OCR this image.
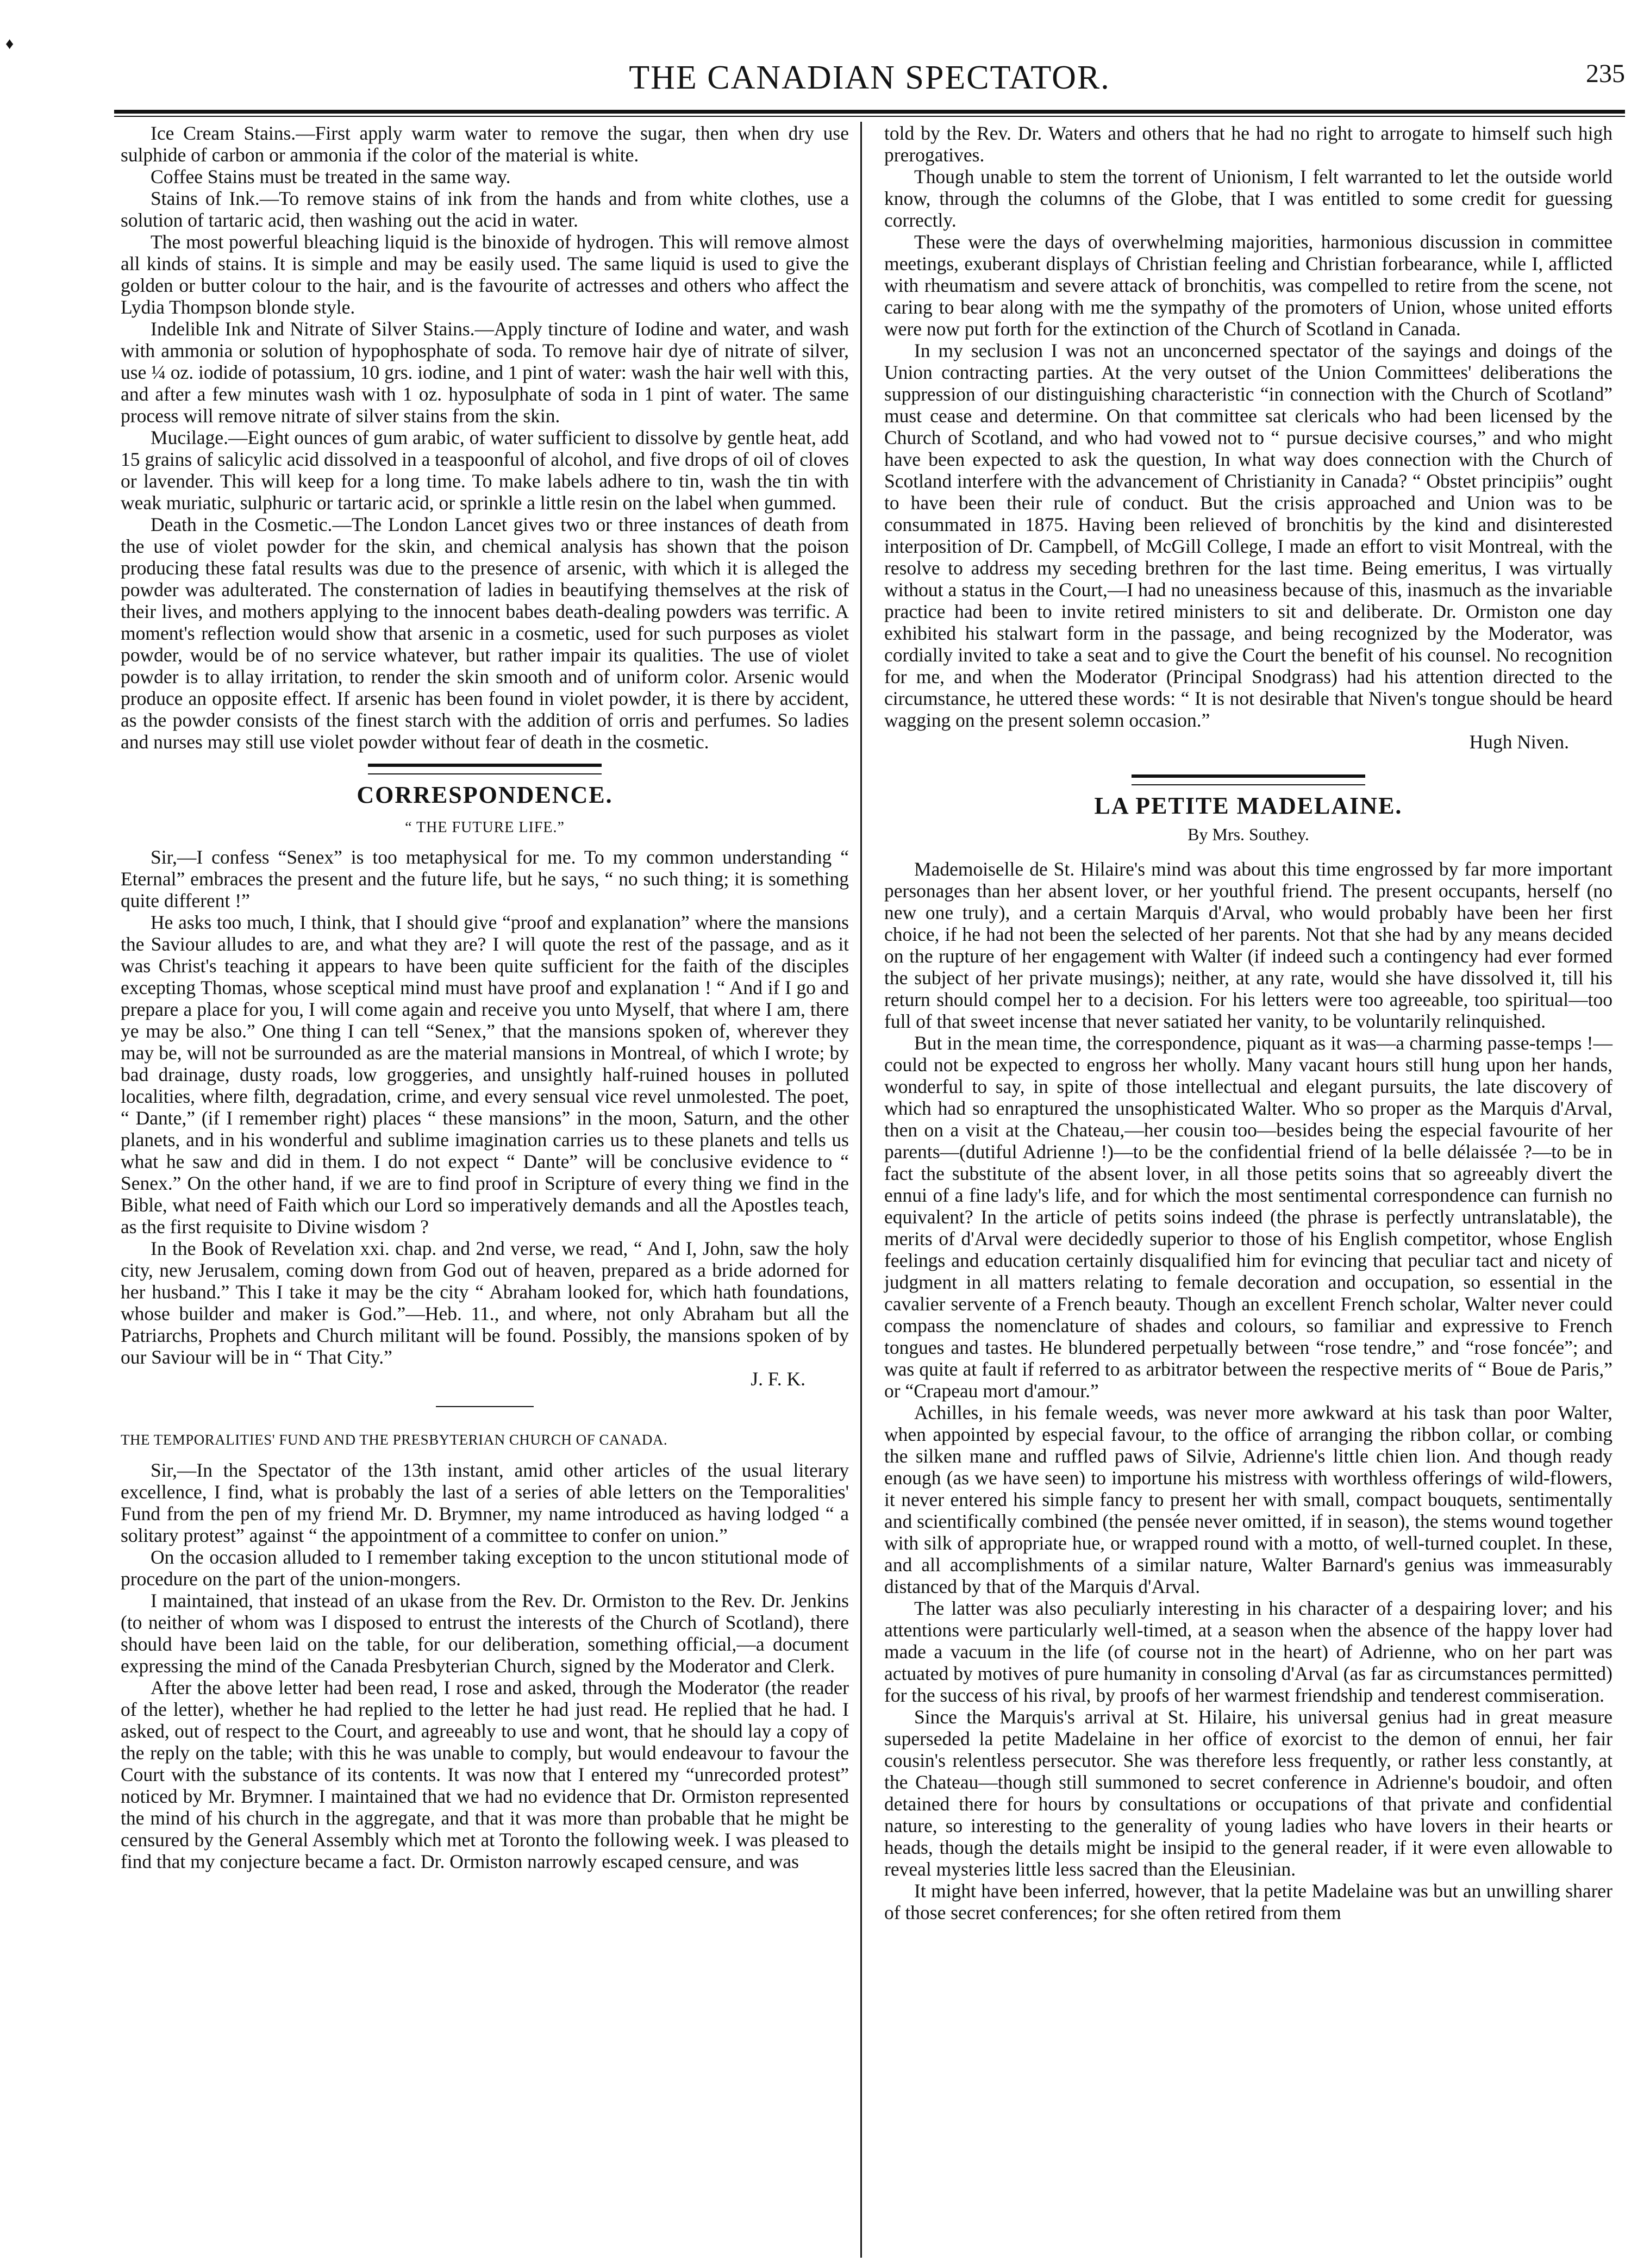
♦
THE CANADIAN SPECTATOR.	235

Ice Cream Stains.—First apply warm water to remove the sugar, then when dry use sulphide of carbon or ammonia if the color of the material is white.

Coffee Stains must be treated in the same way.

Stains of Ink.—To remove stains of ink from the hands and from white clothes, use a solution of tartaric acid, then washing out the acid in water.

The most powerful bleaching liquid is the binoxide of hydrogen. This will remove almost all kinds of stains. It is simple and may be easily used. The same liquid is used to give the golden or butter colour to the hair, and is the favourite of actresses and others who affect the Lydia Thompson blonde style.

Indelible Ink and Nitrate of Silver Stains.—Apply tincture of Iodine and water, and wash with ammonia or solution of hypophosphate of soda. To remove hair dye of nitrate of silver, use ¼ oz. iodide of potassium, 10 grs. iodine, and 1 pint of water: wash the hair well with this, and after a few minutes wash with 1 oz. hyposulphate of soda in 1 pint of water. The same process will remove nitrate of silver stains from the skin.

Mucilage.—Eight ounces of gum arabic, of water sufficient to dissolve by gentle heat, add 15 grains of salicylic acid dissolved in a teaspoonful of alcohol, and five drops of oil of cloves or lavender. This will keep for a long time. To make labels adhere to tin, wash the tin with weak muriatic, sulphuric or tartaric acid, or sprinkle a little resin on the label when gummed.

Death in the Cosmetic.—The London Lancet gives two or three instances of death from the use of violet powder for the skin, and chemical analysis has shown that the poison producing these fatal results was due to the presence of arsenic, with which it is alleged the powder was adulterated. The consternation of ladies in beautifying themselves at the risk of their lives, and mothers applying to the innocent babes death-dealing powders was terrific. A moment's reflection would show that arsenic in a cosmetic, used for such purposes as violet powder, would be of no service whatever, but rather impair its qualities. The use of violet powder is to allay irritation, to render the skin smooth and of uniform color. Arsenic would produce an opposite effect. If arsenic has been found in violet powder, it is there by accident, as the powder consists of the finest starch with the addition of orris and perfumes. So ladies and nurses may still use violet powder without fear of death in the cosmetic.

CORRESPONDENCE.
“ THE FUTURE LIFE.”

Sir,—I confess “Senex” is too metaphysical for me. To my common understanding “ Eternal” embraces the present and the future life, but he says, “ no such thing; it is something quite different !”

He asks too much, I think, that I should give “proof and explanation” where the mansions the Saviour alludes to are, and what they are? I will quote the rest of the passage, and as it was Christ's teaching it appears to have been quite sufficient for the faith of the disciples excepting Thomas, whose sceptical mind must have proof and explanation ! “ And if I go and prepare a place for you, I will come again and receive you unto Myself, that where I am, there ye may be also.” One thing I can tell “Senex,” that the mansions spoken of, wherever they may be, will not be surrounded as are the material mansions in Montreal, of which I wrote; by bad drainage, dusty roads, low groggeries, and unsightly half-ruined houses in polluted localities, where filth, degradation, crime, and every sensual vice revel unmolested. The poet, “ Dante,” (if I remember right) places “ these mansions” in the moon, Saturn, and the other planets, and in his wonderful and sublime imagination carries us to these planets and tells us what he saw and did in them. I do not expect “ Dante” will be conclusive evidence to “ Senex.” On the other hand, if we are to find proof in Scripture of every thing we find in the Bible, what need of Faith which our Lord so imperatively demands and all the Apostles teach, as the first requisite to Divine wisdom ?

In the Book of Revelation xxi. chap. and 2nd verse, we read, “ And I, John, saw the holy city, new Jerusalem, coming down from God out of heaven, prepared as a bride adorned for her husband.” This I take it may be the city “ Abraham looked for, which hath foundations, whose builder and maker is God.”—Heb. 11., and where, not only Abraham but all the Patriarchs, Prophets and Church militant will be found. Possibly, the mansions spoken of by our Saviour will be in “ That City.”

J. F. K.
THE TEMPORALITIES' FUND AND THE PRESBYTERIAN CHURCH OF CANADA.

Sir,—In the Spectator of the 13th instant, amid other articles of the usual literary excellence, I find, what is probably the last of a series of able letters on the Temporalities' Fund from the pen of my friend Mr. D. Brymner, my name introduced as having lodged “ a solitary protest” against “ the appointment of a committee to confer on union.”

On the occasion alluded to I remember taking exception to the uncon stitutional mode of procedure on the part of the union-mongers.

I maintained, that instead of an ukase from the Rev. Dr. Ormiston to the Rev. Dr. Jenkins (to neither of whom was I disposed to entrust the interests of the Church of Scotland), there should have been laid on the table, for our deliberation, something official,—a document expressing the mind of the Canada Presbyterian Church, signed by the Moderator and Clerk.

After the above letter had been read, I rose and asked, through the Moderator (the reader of the letter), whether he had replied to the letter he had just read. He replied that he had. I asked, out of respect to the Court, and agreeably to use and wont, that he should lay a copy of the reply on the table; with this he was unable to comply, but would endeavour to favour the Court with the substance of its contents. It was now that I entered my “unrecorded protest” noticed by Mr. Brymner. I maintained that we had no evidence that Dr. Ormiston represented the mind of his church in the aggregate, and that it was more than probable that he might be censured by the General Assembly which met at Toronto the following week. I was pleased to find that my conjecture became a fact. Dr. Ormiston narrowly escaped censure, and was

told by the Rev. Dr. Waters and others that he had no right to arrogate to himself such high prerogatives.

Though unable to stem the torrent of Unionism, I felt warranted to let the outside world know, through the columns of the Globe, that I was entitled to some credit for guessing correctly.

These were the days of overwhelming majorities, harmonious discussion in committee meetings, exuberant displays of Christian feeling and Christian forbearance, while I, afflicted with rheumatism and severe attack of bronchitis, was compelled to retire from the scene, not caring to bear along with me the sympathy of the promoters of Union, whose united efforts were now put forth for the extinction of the Church of Scotland in Canada.

In my seclusion I was not an unconcerned spectator of the sayings and doings of the Union contracting parties. At the very outset of the Union Committees' deliberations the suppression of our distinguishing characteristic “in connection with the Church of Scotland” must cease and determine. On that committee sat clericals who had been licensed by the Church of Scotland, and who had vowed not to “ pursue decisive courses,” and who might have been expected to ask the question, In what way does connection with the Church of Scotland interfere with the advancement of Christianity in Canada? “ Obstet principiis” ought to have been their rule of conduct. But the crisis approached and Union was to be consummated in 1875. Having been relieved of bronchitis by the kind and disinterested interposition of Dr. Campbell, of McGill College, I made an effort to visit Montreal, with the resolve to address my seceding brethren for the last time. Being emeritus, I was virtually without a status in the Court,—I had no uneasiness because of this, inasmuch as the invariable practice had been to invite retired ministers to sit and deliberate. Dr. Ormiston one day exhibited his stalwart form in the passage, and being recognized by the Moderator, was cordially invited to take a seat and to give the Court the benefit of his counsel. No recognition for me, and when the Moderator (Principal Snodgrass) had his attention directed to the circumstance, he uttered these words: “ It is not desirable that Niven's tongue should be heard wagging on the present solemn occasion.”

Hugh Niven.
LA PETITE MADELAINE.
By Mrs. Southey.

Mademoiselle de St. Hilaire's mind was about this time engrossed by far more important personages than her absent lover, or her youthful friend. The present occupants, herself (no new one truly), and a certain Marquis d'Arval, who would probably have been her first choice, if he had not been the selected of her parents. Not that she had by any means decided on the rupture of her engagement with Walter (if indeed such a contingency had ever formed the subject of her private musings); neither, at any rate, would she have dissolved it, till his return should compel her to a decision. For his letters were too agreeable, too spiritual—too full of that sweet incense that never satiated her vanity, to be voluntarily relinquished.

But in the mean time, the correspondence, piquant as it was—a charming passe-temps !—could not be expected to engross her wholly. Many vacant hours still hung upon her hands, wonderful to say, in spite of those intellectual and elegant pursuits, the late discovery of which had so enraptured the unsophisticated Walter. Who so proper as the Marquis d'Arval, then on a visit at the Chateau,—her cousin too—besides being the especial favourite of her parents—(dutiful Adrienne !)—to be the confidential friend of la belle délaissée ?—to be in fact the substitute of the absent lover, in all those petits soins that so agreeably divert the ennui of a fine lady's life, and for which the most sentimental correspondence can furnish no equivalent? In the article of petits soins indeed (the phrase is perfectly untranslatable), the merits of d'Arval were decidedly superior to those of his English competitor, whose English feelings and education certainly disqualified him for evincing that peculiar tact and nicety of judgment in all matters relating to female decoration and occupation, so essential in the cavalier servente of a French beauty. Though an excellent French scholar, Walter never could compass the nomenclature of shades and colours, so familiar and expressive to French tongues and tastes. He blundered perpetually between “rose tendre,” and “rose foncée”; and was quite at fault if referred to as arbitrator between the respective merits of “ Boue de Paris,” or “Crapeau mort d'amour.”

Achilles, in his female weeds, was never more awkward at his task than poor Walter, when appointed by especial favour, to the office of arranging the ribbon collar, or combing the silken mane and ruffled paws of Silvie, Adrienne's little chien lion. And though ready enough (as we have seen) to importune his mistress with worthless offerings of wild-flowers, it never entered his simple fancy to present her with small, compact bouquets, sentimentally and scientifically combined (the pensée never omitted, if in season), the stems wound together with silk of appropriate hue, or wrapped round with a motto, of well-turned couplet. In these, and all accomplishments of a similar nature, Walter Barnard's genius was immeasurably distanced by that of the Marquis d'Arval.

The latter was also peculiarly interesting in his character of a despairing lover; and his attentions were particularly well-timed, at a season when the absence of the happy lover had made a vacuum in the life (of course not in the heart) of Adrienne, who on her part was actuated by motives of pure humanity in consoling d'Arval (as far as circumstances permitted) for the success of his rival, by proofs of her warmest friendship and tenderest commiseration.

Since the Marquis's arrival at St. Hilaire, his universal genius had in great measure superseded la petite Madelaine in her office of exorcist to the demon of ennui, her fair cousin's relentless persecutor. She was therefore less frequently, or rather less constantly, at the Chateau—though still summoned to secret conference in Adrienne's boudoir, and often detained there for hours by consultations or occupations of that private and confidential nature, so interesting to the generality of young ladies who have lovers in their hearts or heads, though the details might be insipid to the general reader, if it were even allowable to reveal mysteries little less sacred than the Eleusinian.

It might have been inferred, however, that la petite Madelaine was but an unwilling sharer of those secret conferences; for she often retired from them
